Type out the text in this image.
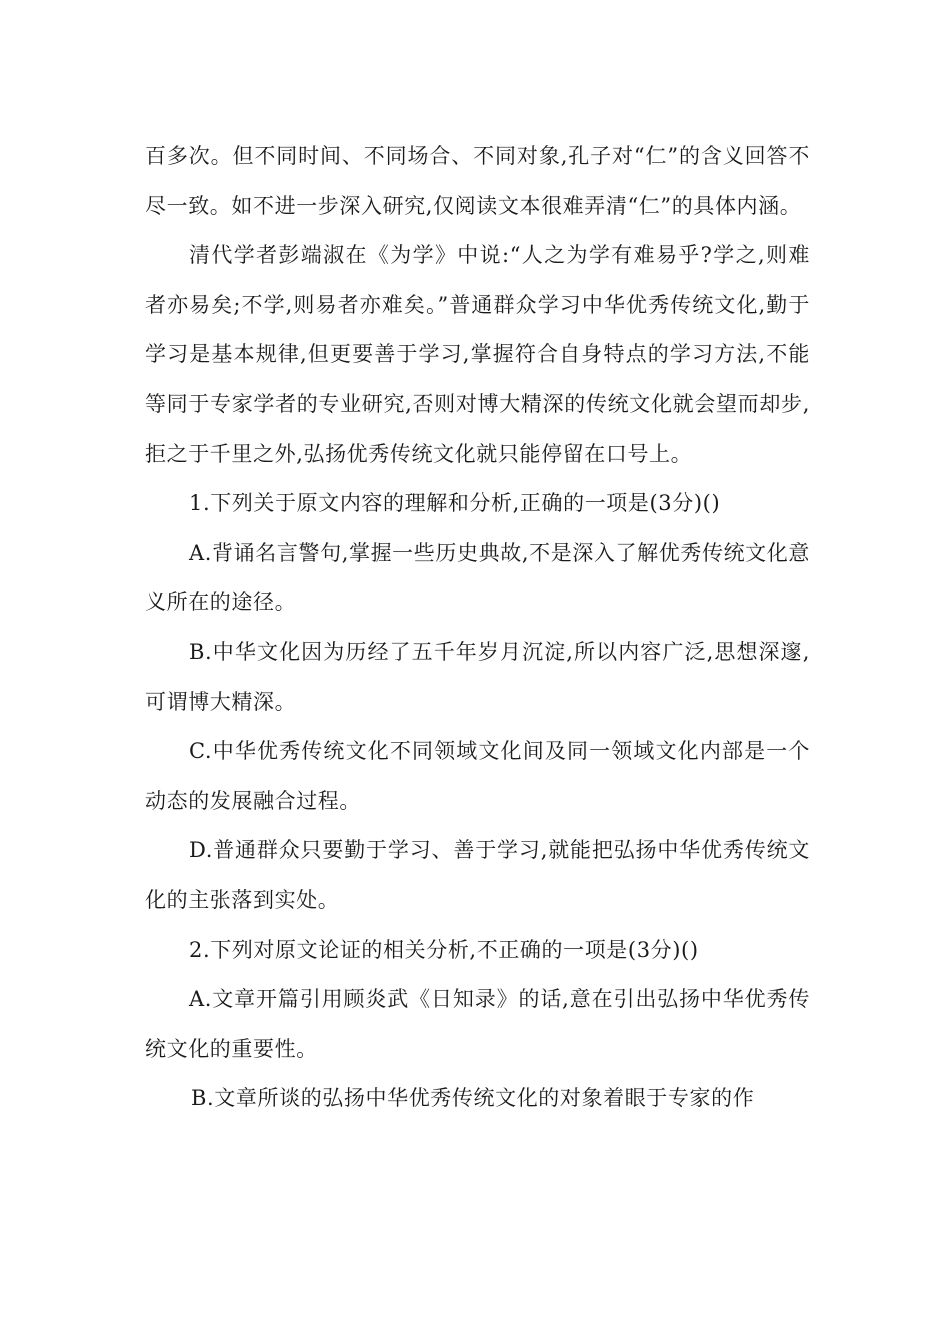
百多次。但不同时间、不同场合、不同对象,孔子对“仁”的含义回答不尽一致。如不进一步深入研究,仅阅读文本很难弄清“仁”的具体内涵。

清代学者彭端淑在《为学》中说:“人之为学有难易乎?学之,则难者亦易矣;不学,则易者亦难矣。”普通群众学习中华优秀传统文化,勤于学习是基本规律,但更要善于学习,掌握符合自身特点的学习方法,不能等同于专家学者的专业研究,否则对博大精深的传统文化就会望而却步,拒之于千里之外,弘扬优秀传统文化就只能停留在口号上。

1.下列关于原文内容的理解和分析,正确的一项是(3分)()

A.背诵名言警句,掌握一些历史典故,不是深入了解优秀传统文化意义所在的途径。

B.中华文化因为历经了五千年岁月沉淀,所以内容广泛,思想深邃,可谓博大精深。

C.中华优秀传统文化不同领域文化间及同一领域文化内部是一个动态的发展融合过程。

D.普通群众只要勤于学习、善于学习,就能把弘扬中华优秀传统文化的主张落到实处。

2.下列对原文论证的相关分析,不正确的一项是(3分)()

A.文章开篇引用顾炎武《日知录》的话,意在引出弘扬中华优秀传统文化的重要性。

B.文章所谈的弘扬中华优秀传统文化的对象着眼于专家的作
